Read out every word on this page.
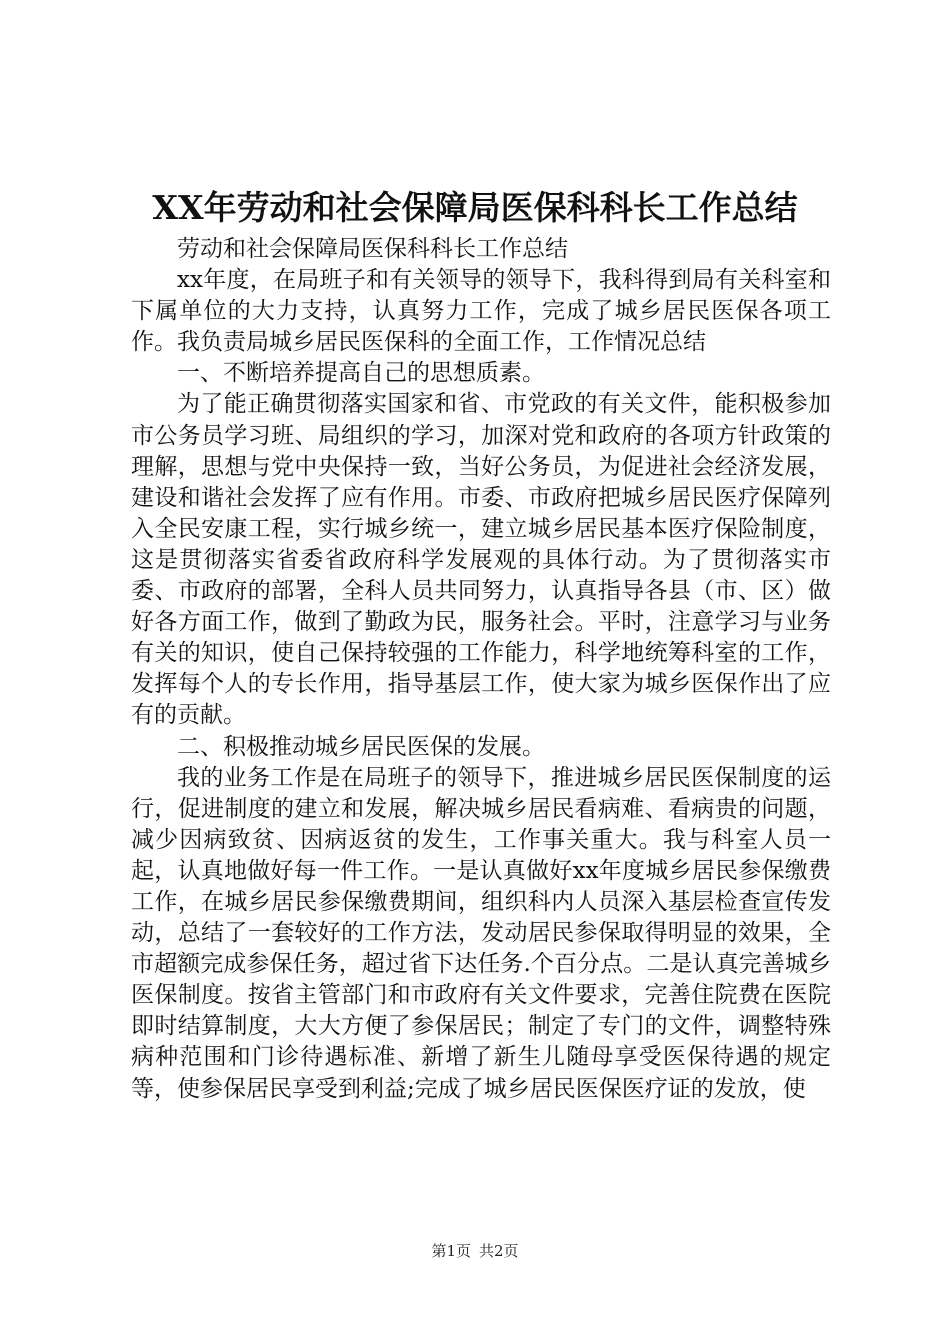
XX年劳动和社会保障局医保科科长工作总结

劳动和社会保障局医保科科长工作总结

xx年度，在局班子和有关领导的领导下，我科得到局有关科室和下属单位的大力支持，认真努力工作，完成了城乡居民医保各项工作。我负责局城乡居民医保科的全面工作，工作情况总结

一、不断培养提高自己的思想质素。

为了能正确贯彻落实国家和省、市党政的有关文件，能积极参加市公务员学习班、局组织的学习，加深对党和政府的各项方针政策的理解，思想与党中央保持一致，当好公务员，为促进社会经济发展，建设和谐社会发挥了应有作用。市委、市政府把城乡居民医疗保障列入全民安康工程，实行城乡统一，建立城乡居民基本医疗保险制度，这是贯彻落实省委省政府科学发展观的具体行动。为了贯彻落实市委、市政府的部署，全科人员共同努力，认真指导各县（市、区）做好各方面工作，做到了勤政为民，服务社会。平时，注意学习与业务有关的知识，使自己保持较强的工作能力，科学地统筹科室的工作，发挥每个人的专长作用，指导基层工作，使大家为城乡医保作出了应有的贡献。

二、积极推动城乡居民医保的发展。

我的业务工作是在局班子的领导下，推进城乡居民医保制度的运行，促进制度的建立和发展，解决城乡居民看病难、看病贵的问题，减少因病致贫、因病返贫的发生，工作事关重大。我与科室人员一起，认真地做好每一件工作。一是认真做好xx年度城乡居民参保缴费工作，在城乡居民参保缴费期间，组织科内人员深入基层检查宣传发动，总结了一套较好的工作方法，发动居民参保取得明显的效果，全市超额完成参保任务，超过省下达任务.个百分点。二是认真完善城乡医保制度。按省主管部门和市政府有关文件要求，完善住院费在医院即时结算制度，大大方便了参保居民；制定了专门的文件，调整特殊病种范围和门诊待遇标准、新增了新生儿随母享受医保待遇的规定等，使参保居民享受到利益;完成了城乡居民医保医疗证的发放，使

第1页 共2页
